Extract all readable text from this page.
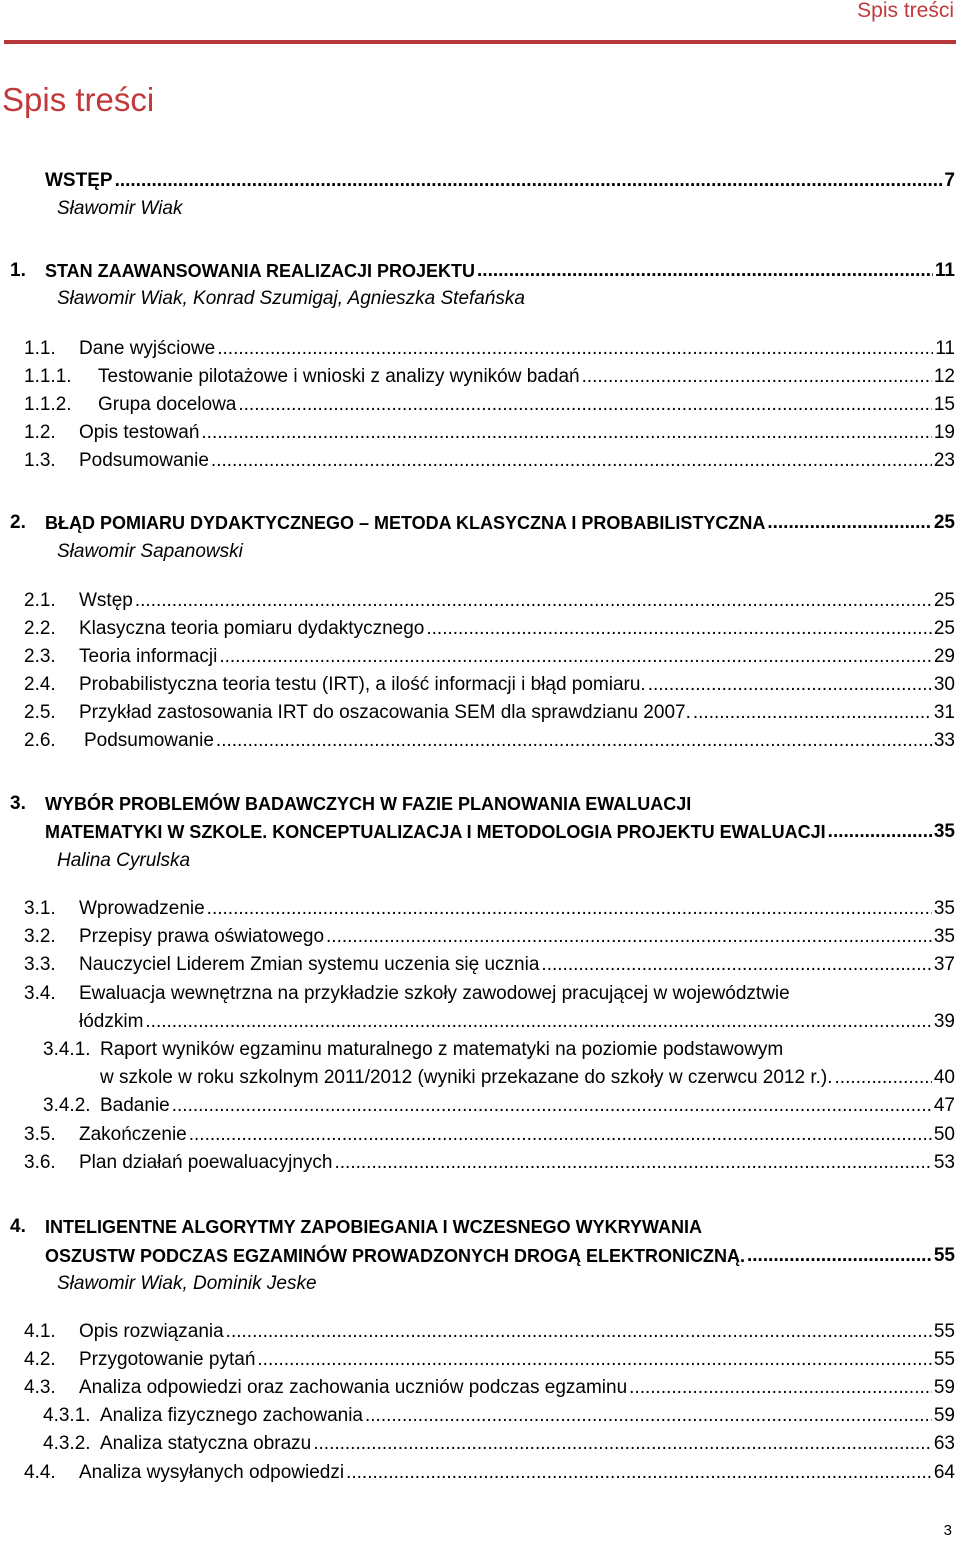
Spis treści
Spis treści
WSTĘP .....	7
Sławomir Wiak
1.	STAN ZAAWANSOWANIA REALIZACJI PROJEKTU .....	11
Sławomir Wiak, Konrad Szumigaj, Agnieszka Stefańska
1.1.	Dane wyjściowe .....	11
1.1.1.	Testowanie pilotażowe i wnioski z analizy wyników badań .....	12
1.1.2.	Grupa docelowa .....	15
1.2.	Opis testowań .....	19
1.3.	Podsumowanie .....	23
2.	BŁĄD POMIARU DYDAKTYCZNEGO – METODA KLASYCZNA I PROBABILISTYCZNA .....	25
Sławomir Sapanowski
2.1.	Wstęp .....	25
2.2.	Klasyczna teoria pomiaru dydaktycznego .....	25
2.3.	Teoria informacji .....	29
2.4.	Probabilistyczna teoria testu (IRT), a ilość informacji i błąd pomiaru. .....	30
2.5.	Przykład zastosowania IRT do oszacowania SEM dla sprawdzianu 2007. .....	31
2.6.	Podsumowanie .....	33
3. WYBÓR PROBLEMÓW BADAWCZYCH W FAZIE PLANOWANIA EWALUACJI
MATEMATYKI W SZKOLE. KONCEPTUALIZACJA I METODOLOGIA PROJEKTU EWALUACJI .....	35
Halina Cyrulska
3.1.	Wprowadzenie .....	35
3.2.	Przepisy prawa oświatowego .....	35
3.3.	Nauczyciel Liderem Zmian systemu uczenia się ucznia .....	37
3.4. Ewaluacja wewnętrzna na przykładzie szkoły zawodowej pracującej w województwie
łódzkim .....	39
3.4.1. Raport wyników egzaminu maturalnego z matematyki na poziomie podstawowym
w szkole w roku szkolnym 2011/2012 (wyniki przekazane do szkoły w czerwcu 2012 r.). .....	40
3.4.2. Badanie .....	47
3.5.	Zakończenie .....	50
3.6.	Plan działań poewaluacyjnych .....	53
4. INTELIGENTNE ALGORYTMY ZAPOBIEGANIA I WCZESNEGO WYKRYWANIA
OSZUSTW PODCZAS EGZAMINÓW PROWADZONYCH DROGĄ ELEKTRONICZNĄ. .....	55
Sławomir Wiak, Dominik Jeske
4.1.	Opis rozwiązania .....	55
4.2.	Przygotowanie pytań .....	55
4.3.	Analiza odpowiedzi oraz zachowania uczniów podczas egzaminu .....	59
4.3.1. Analiza fizycznego zachowania .....	59
4.3.2. Analiza statyczna obrazu .....	63
4.4.	Analiza wysyłanych odpowiedzi .....	64
3
